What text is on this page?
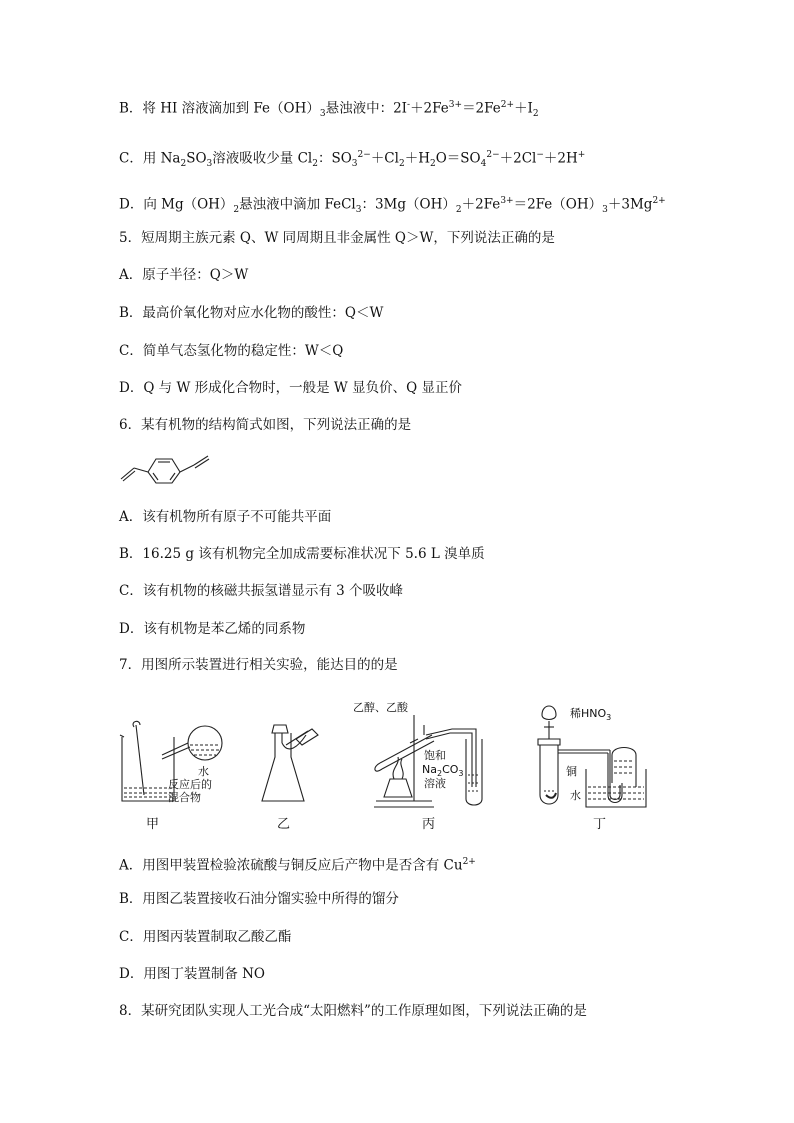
B．将 HI 溶液滴加到 $Fe(OH)_3$悬浊液中：$2I^-+2Fe^{3+}=2Fe^{2+}+I_2$
C．用 $Na_2SO_3$溶液吸收少量 $Cl_2$：$SO_3^{2-}+Cl_2+H_2O=SO_4^{2-}+2Cl^-+2H^+$
D．向 $Mg(OH)_2$悬浊液中滴加 FeCl$_3$：$3Mg(OH)_2+2Fe^{3+}=2Fe(OH)_3+3Mg^{2+}$
5．短周期主族元素 Q、W 同周期且非金属性 Q＞W，下列说法正确的是
A．原子半径：Q＞W
B．最高价氧化物对应水化物的酸性：Q＜W
C．简单气态氢化物的稳定性：W＜Q
D．Q 与 W 形成化合物时，一般是 W 显负价、Q 显正价
6．某有机物的结构简式如图，下列说法正确的是
A．该有机物所有原子不可能共平面
B．16.25 g 该有机物完全加成需要标准状况下 5.6 L 溴单质
C．该有机物的核磁共振氢谱显示有 3 个吸收峰
D．该有机物是苯乙烯的同系物
7．用图所示装置进行相关实验，能达目的的是
水
反应后的
混合物
乙醇、乙酸
饱和
$Na_2CO_3$
溶液
稀$HNO_3$
铜
水
甲	乙	丙	丁
A．用图甲装置检验浓硫酸与铜反应后产物中是否含有 $Cu^{2+}$
B．用图乙装置接收石油分馏实验中所得的馏分
C．用图丙装置制取乙酸乙酯
D．用图丁装置制备 NO
8．某研究团队实现人工光合成“太阳燃料”的工作原理如图，下列说法正确的是
